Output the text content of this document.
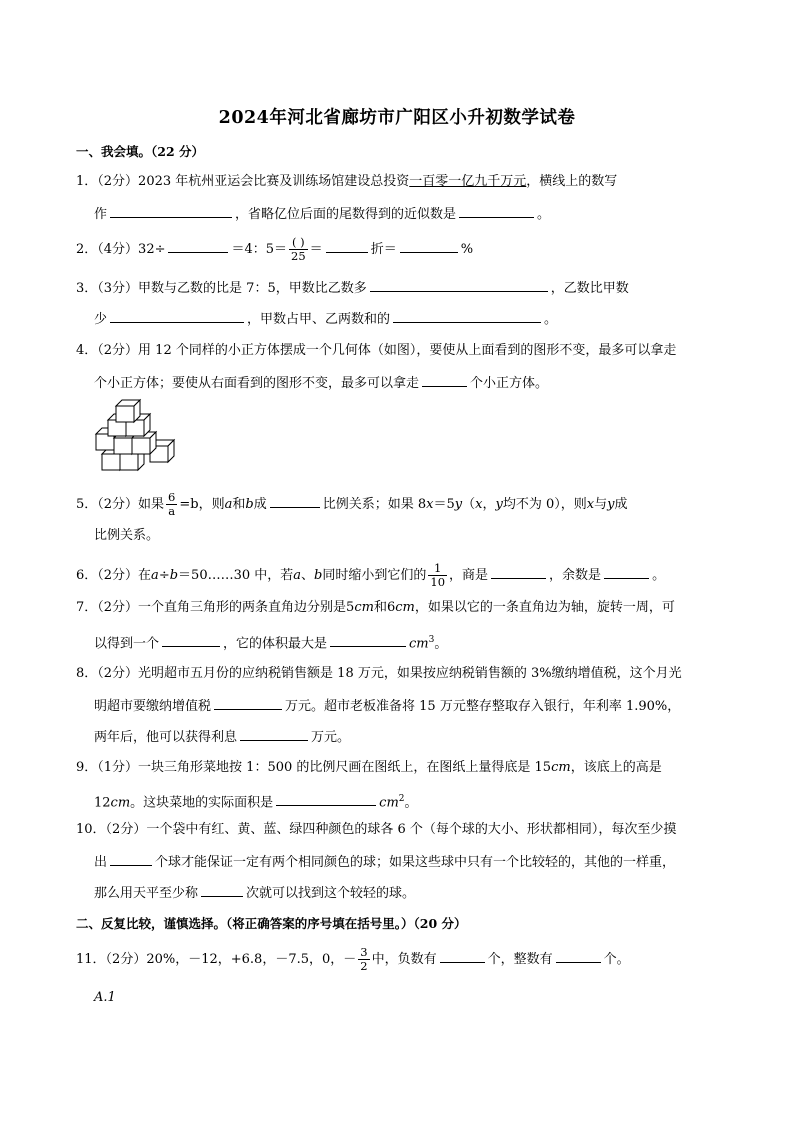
2024年河北省廊坊市广阳区小升初数学试卷
一、我会填。（22 分）
1．（2分）2023 年杭州亚运会比赛及训练场馆建设总投资一百零一亿九千万元，横线上的数写
作	，省略亿位后面的尾数得到的近似数是	。
2．（4分）32÷	＝4：$5= \frac{( )}{25}$ ＝	折＝	%
3．（3分）甲数与乙数的比是 7：5，甲数比乙数多	，乙数比甲数
少	，甲数占甲、乙两数和的	。
4．（2分）用 12 个同样的小正方体摆成一个几何体（如图），要使从上面看到的图形不变，最多可以拿走
个小正方体；要使从右面看到的图形不变，最多可以拿走	个小正方体。
5．（2分）如果 $\frac{6}{a} =b$，则a和b成	比例关系；如果 8x＝5y（x，y均不为 0），则x与y成
比例关系。
6．（2分）在a÷b＝50……30 中，若a、b同时缩小到它们的 $\frac{1}{10}$ ，商是	，余数是	。
7．（2分）一个直角三角形的两条直角边分别是5cm和6cm，如果以它的一条直角边为轴，旋转一周，可
以得到一个	，它的体积最大是	$cm^3$。
8．（2分）光明超市五月份的应纳税销售额是 18 万元，如果按应纳税销售额的 3%缴纳增值税，这个月光
明超市要缴纳增值税	万元。超市老板准备将 15 万元整存整取存入银行，年利率 1.90%，
两年后，他可以获得利息	万元。
9．（1分）一块三角形菜地按 1：500 的比例尺画在图纸上，在图纸上量得底是 15cm，该底上的高是
12cm。这块菜地的实际面积是	$cm^2$。
10．（2分）一个袋中有红、黄、蓝、绿四种颜色的球各 6 个（每个球的大小、形状都相同），每次至少摸
出	个球才能保证一定有两个相同颜色的球；如果这些球中只有一个比较轻的，其他的一样重，
那么用天平至少称	次就可以找到这个较轻的球。
二、反复比较，谨慎选择。（将正确答案的序号填在括号里。）（20 分）
11．（2分）20%，－12，+6.8，－7.5，0，－ $\frac{3}{2}$ 中，负数有	个，整数有	个。
A.1
